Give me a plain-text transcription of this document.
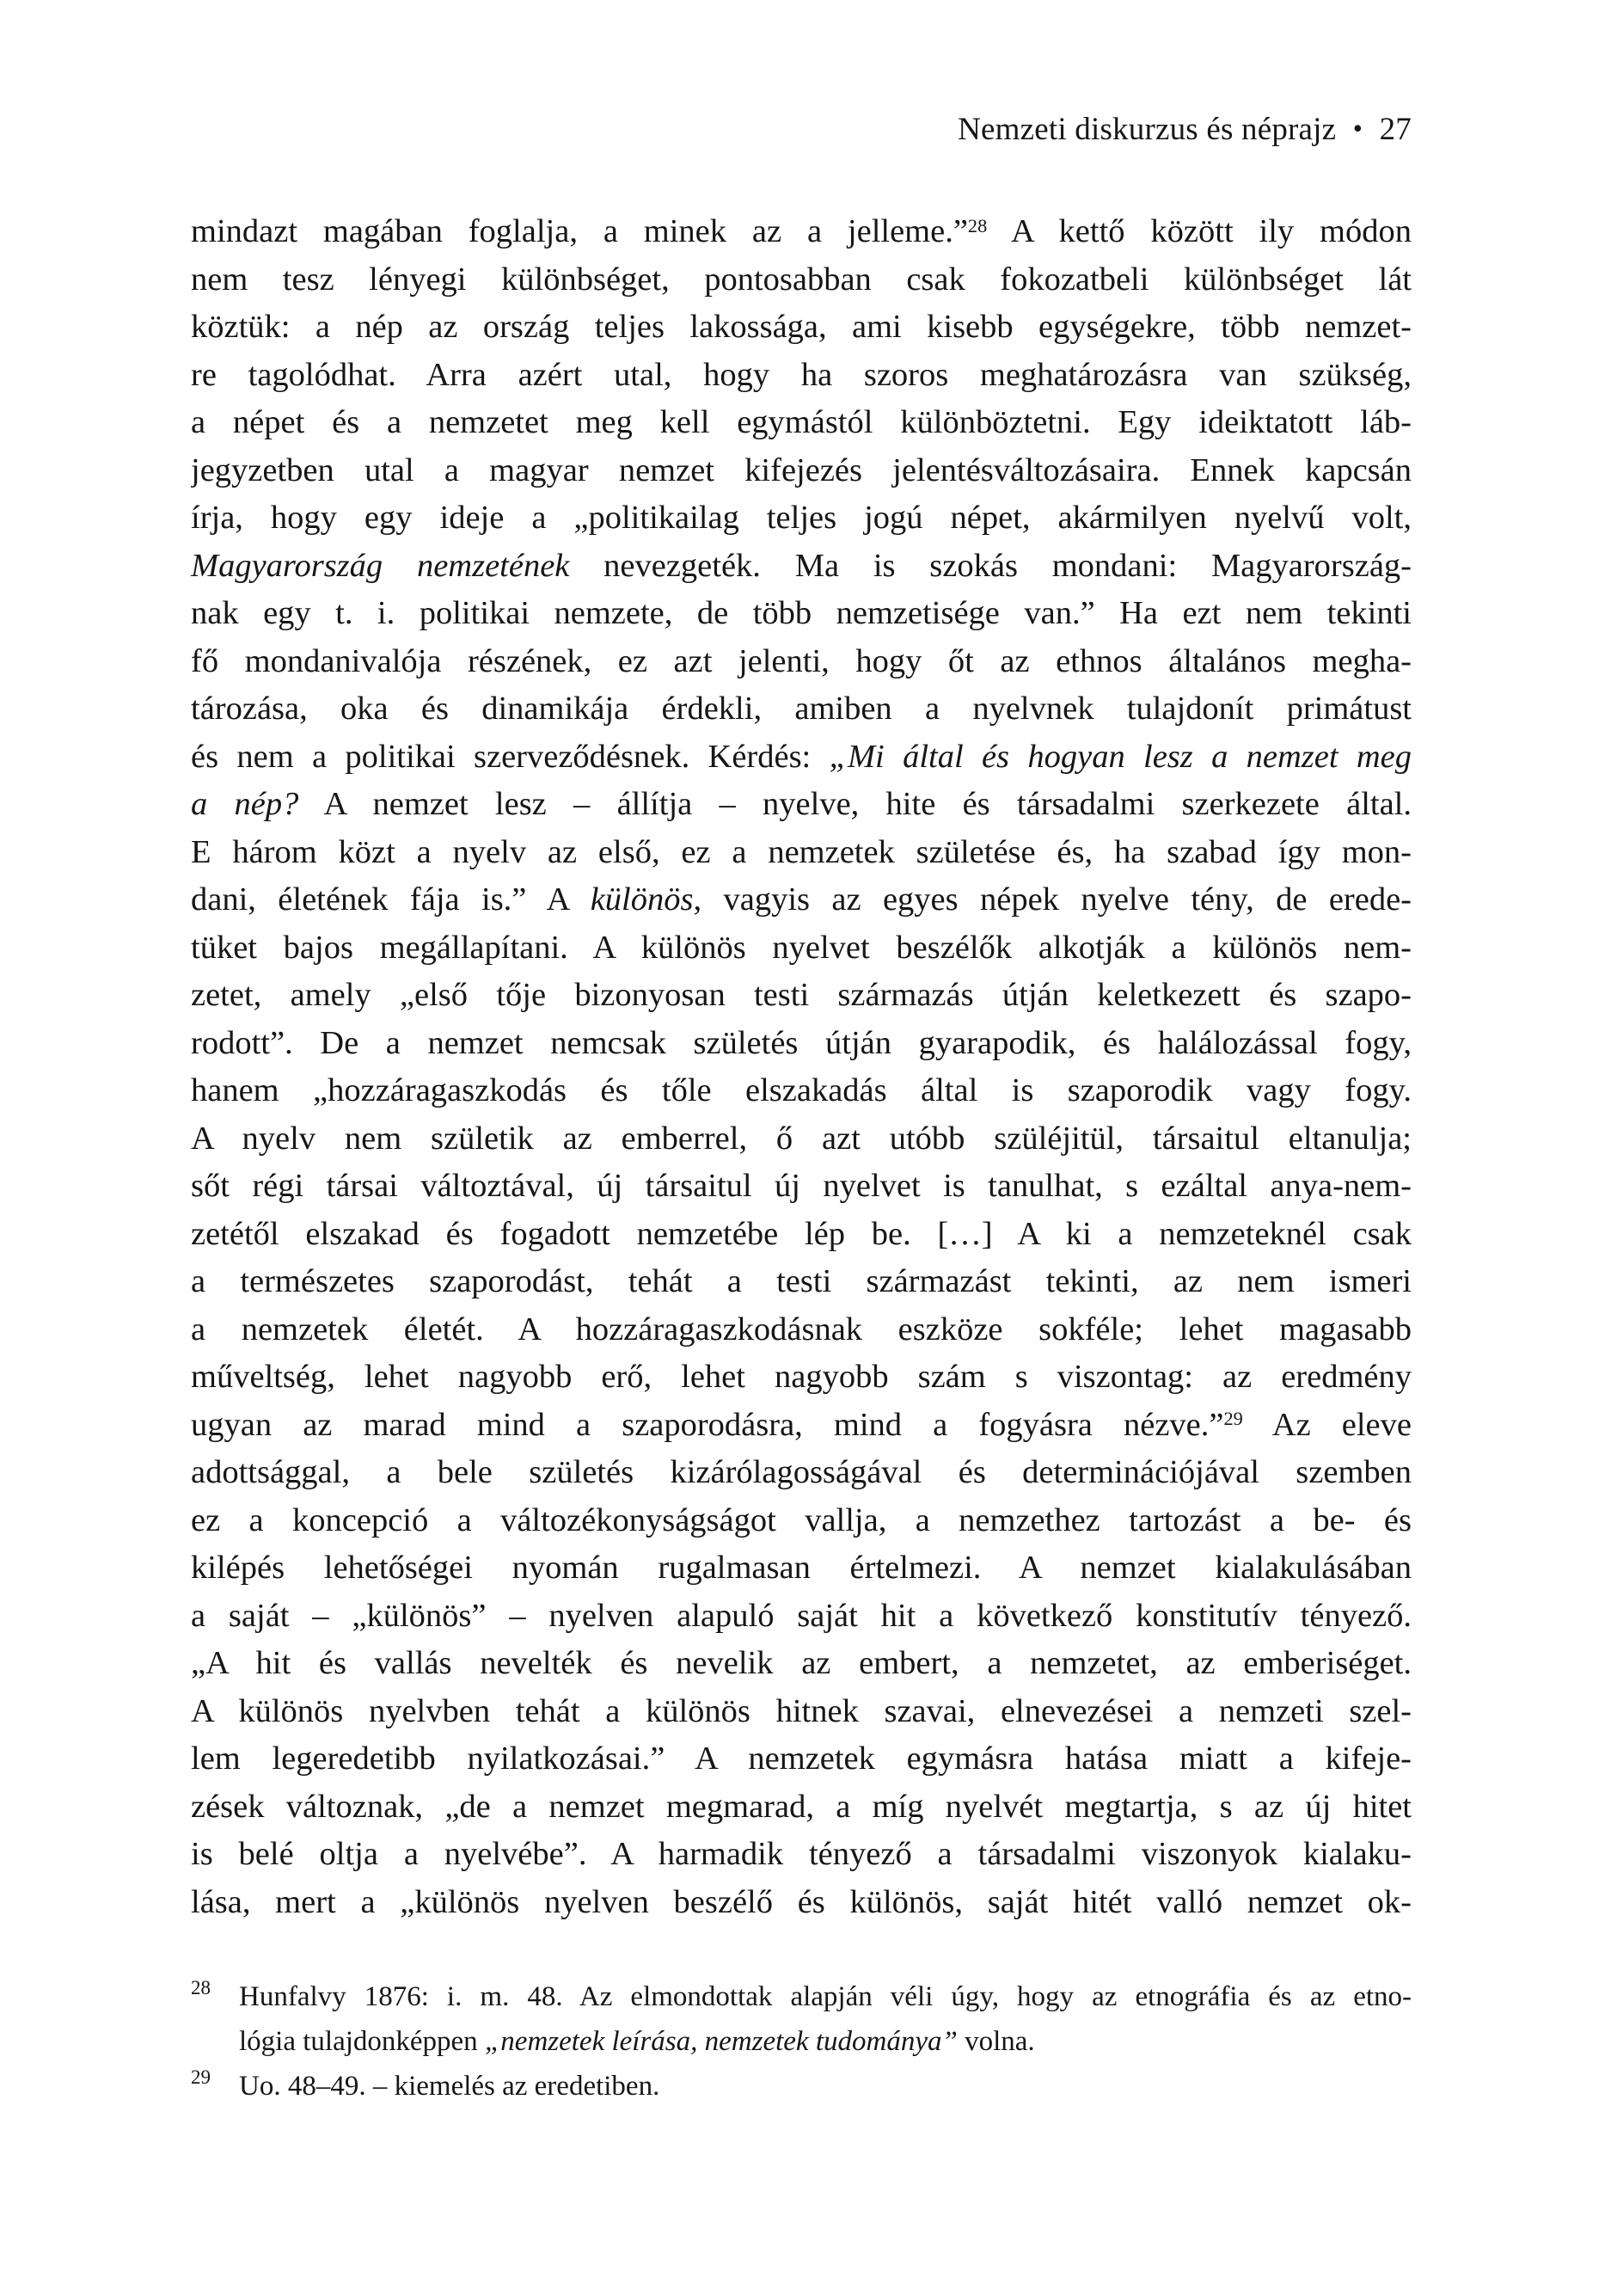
Nemzeti diskurzus és néprajz • 27
mindazt magában foglalja, a minek az a jelleme.”$^{28}$ A kettő között ily módon
nem tesz lényegi különbséget, pontosabban csak fokozatbeli különbséget lát
köztük: a nép az ország teljes lakossága, ami kisebb egységekre, több nemzet-
re tagolódhat. Arra azért utal, hogy ha szoros meghatározásra van szükség,
a népet és a nemzetet meg kell egymástól különböztetni. Egy ideiktatott láb-
jegyzetben utal a magyar nemzet kifejezés jelentésváltozásaira. Ennek kapcsán
írja, hogy egy ideje a „politikailag teljes jogú népet, akármilyen nyelvű volt,
Magyarország nemzetének nevezgeték. Ma is szokás mondani: Magyarország-
nak egy t. i. politikai nemzete, de több nemzetisége van.” Ha ezt nem tekinti
fő mondanivalója részének, ez azt jelenti, hogy őt az ethnos általános megha-
tározása, oka és dinamikája érdekli, amiben a nyelvnek tulajdonít primátust
és nem a politikai szerveződésnek. Kérdés: „Mi által és hogyan lesz a nemzet meg
a nép? A nemzet lesz – állítja – nyelve, hite és társadalmi szerkezete által.
E három közt a nyelv az első, ez a nemzetek születése és, ha szabad így mon-
dani, életének fája is.” A különös, vagyis az egyes népek nyelve tény, de erede-
tüket bajos megállapítani. A különös nyelvet beszélők alkotják a különös nem-
zetet, amely „első tője bizonyosan testi származás útján keletkezett és szapo-
rodott”. De a nemzet nemcsak születés útján gyarapodik, és halálozással fogy,
hanem „hozzáragaszkodás és tőle elszakadás által is szaporodik vagy fogy.
A nyelv nem születik az emberrel, ő azt utóbb szüléjitül, társaitul eltanulja;
sőt régi társai változtával, új társaitul új nyelvet is tanulhat, s ezáltal anya-nem-
zetétől elszakad és fogadott nemzetébe lép be. […] A ki a nemzeteknél csak
a természetes szaporodást, tehát a testi származást tekinti, az nem ismeri
a nemzetek életét. A hozzáragaszkodásnak eszköze sokféle; lehet magasabb
műveltség, lehet nagyobb erő, lehet nagyobb szám s viszontag: az eredmény
ugyan az marad mind a szaporodásra, mind a fogyásra nézve.”$^{29}$ Az eleve
adottsággal, a bele születés kizárólagosságával és determinációjával szemben
ez a koncepció a változékonyságságot vallja, a nemzethez tartozást a be- és
kilépés lehetőségei nyomán rugalmasan értelmezi. A nemzet kialakulásában
a saját – „különös” – nyelven alapuló saját hit a következő konstitutív tényező.
„A hit és vallás nevelték és nevelik az embert, a nemzetet, az emberiséget.
A különös nyelvben tehát a különös hitnek szavai, elnevezései a nemzeti szel-
lem legeredetibb nyilatkozásai.” A nemzetek egymásra hatása miatt a kifeje-
zések változnak, „de a nemzet megmarad, a míg nyelvét megtartja, s az új hitet
is belé oltja a nyelvébe”. A harmadik tényező a társadalmi viszonyok kialaku-
lása, mert a „különös nyelven beszélő és különös, saját hitét valló nemzet ok-
28	Hunfalvy 1876: i. m. 48. Az elmondottak alapján véli úgy, hogy az etnográfia és az etno-
lógia tulajdonképpen „nemzetek leírása, nemzetek tudománya” volna.
29	Uo. 48–49. – kiemelés az eredetiben.
